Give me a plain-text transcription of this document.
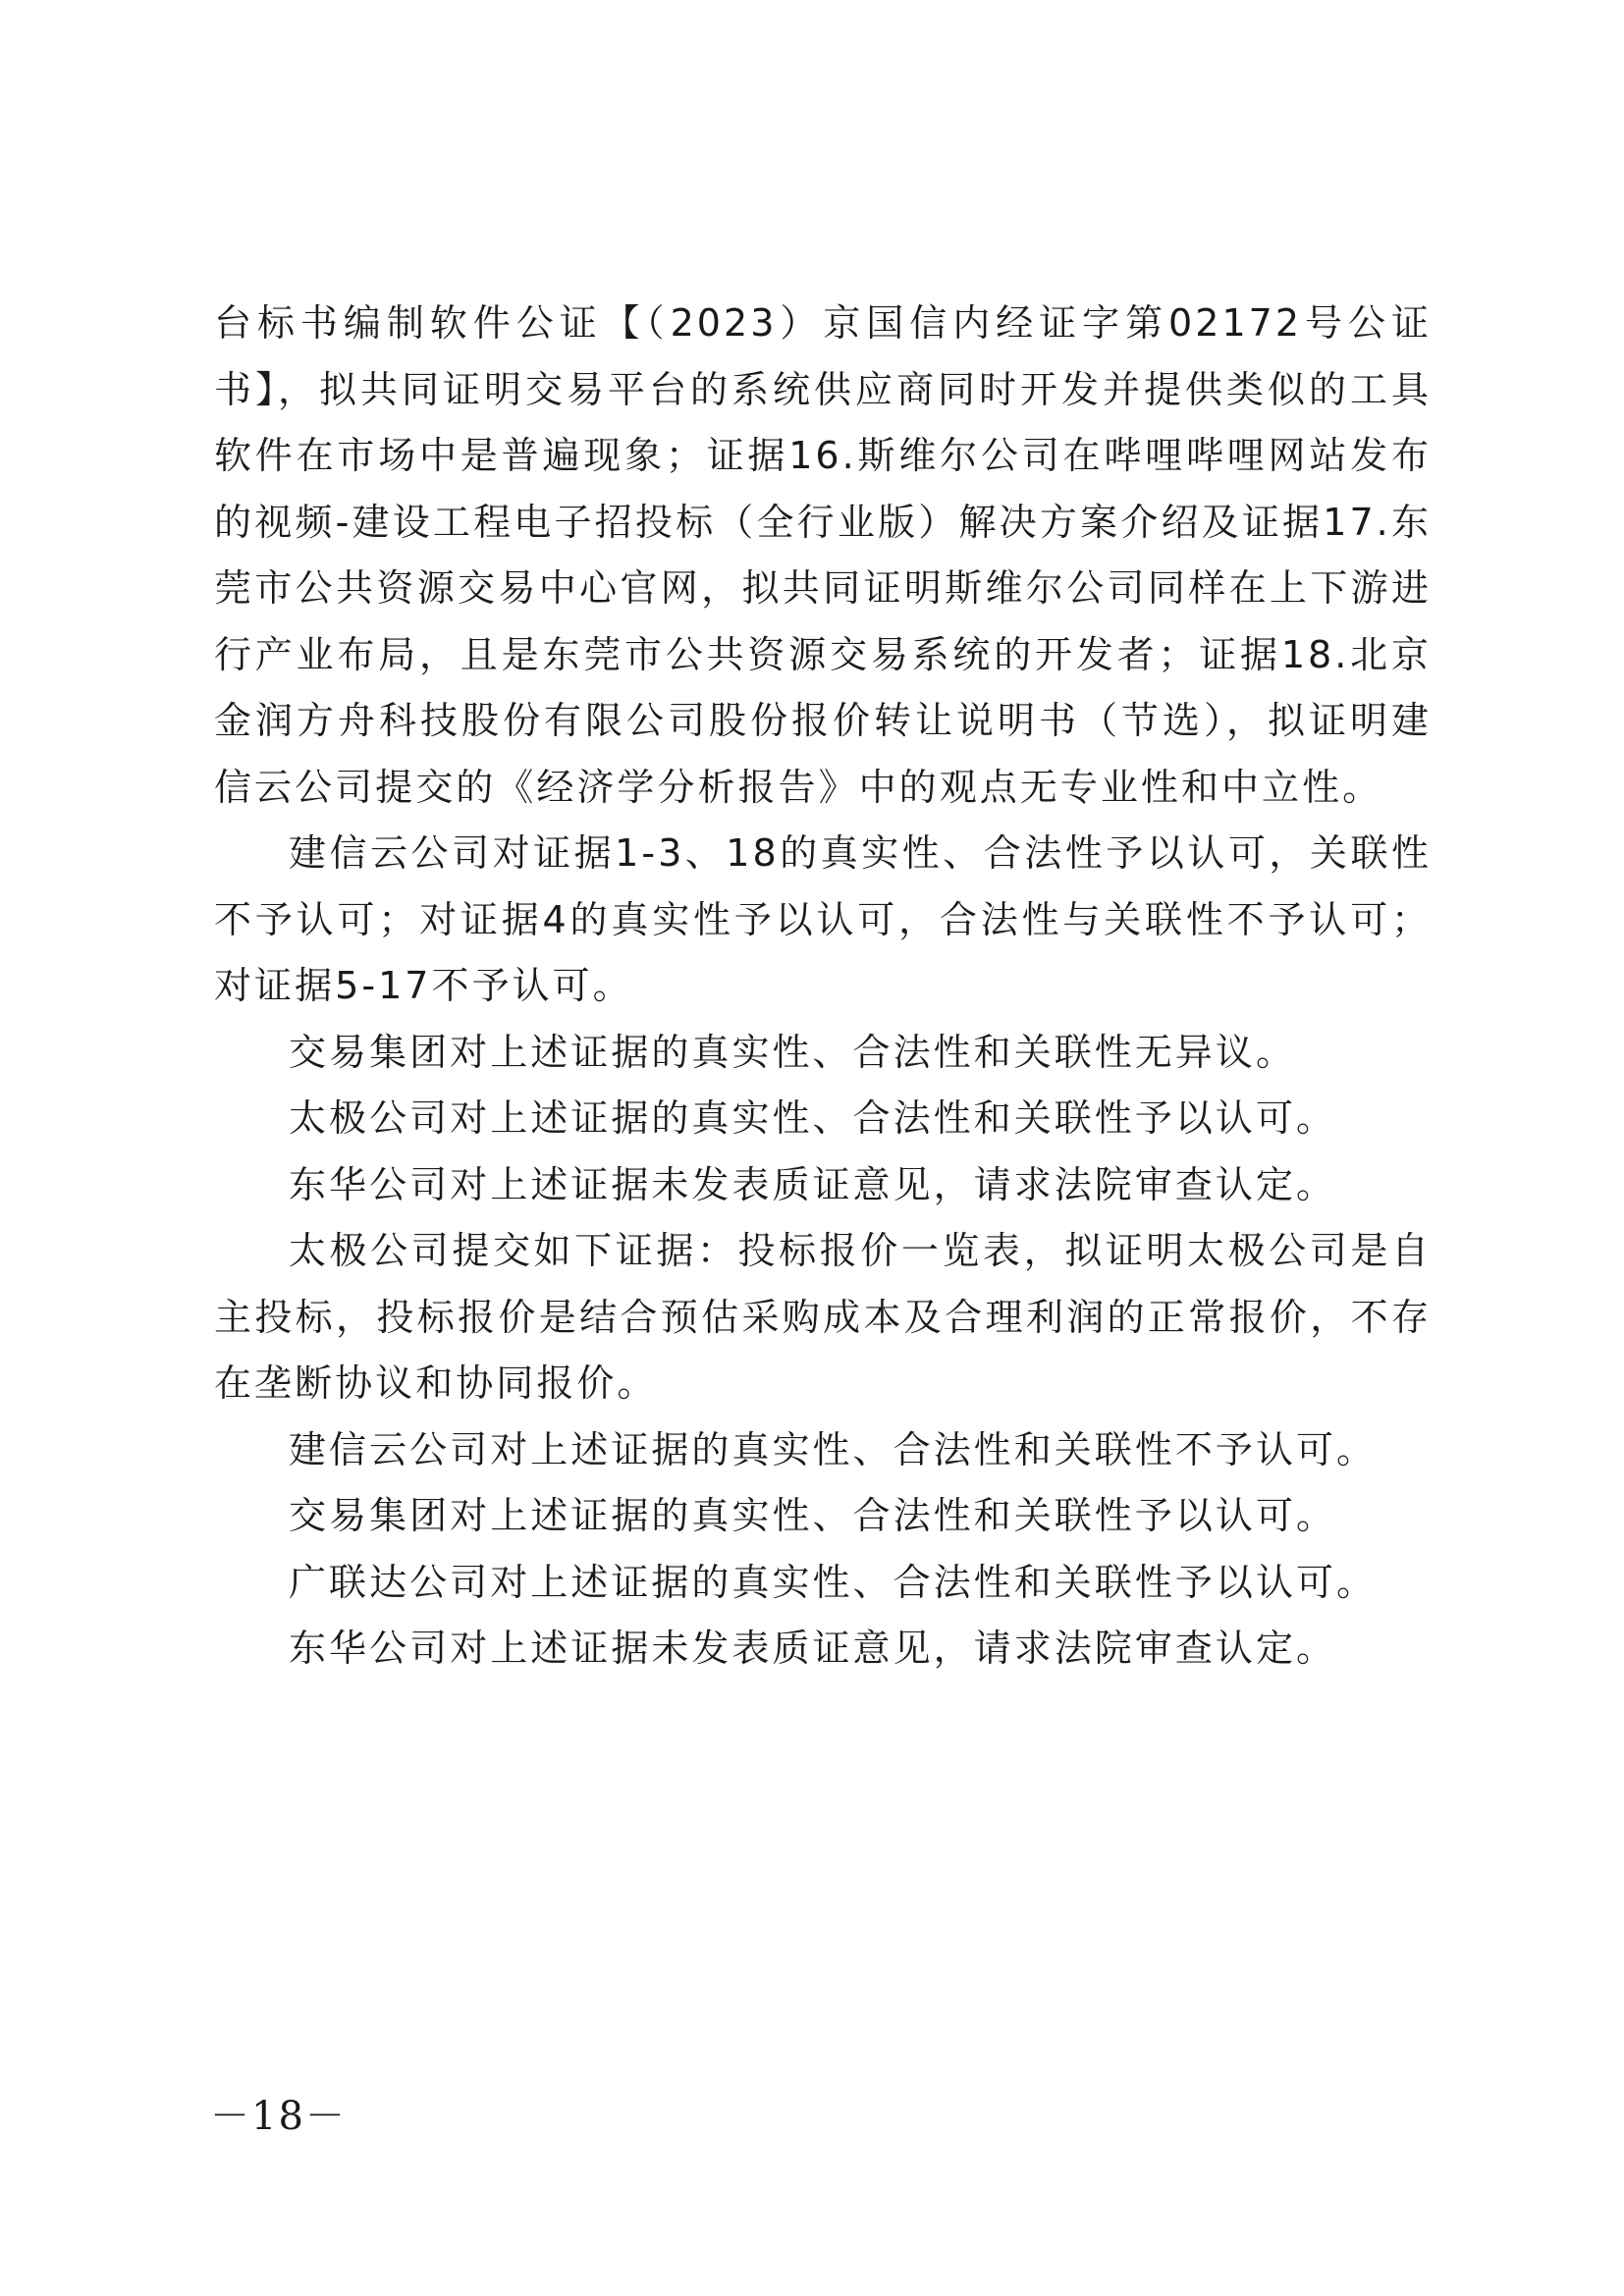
台标书编制软件公证【（2023）京国信内经证字第02172号公证书】，拟共同证明交易平台的系统供应商同时开发并提供类似的工具软件在市场中是普遍现象；证据16.斯维尔公司在哔哩哔哩网站发布的视频-建设工程电子招投标（全行业版）解决方案介绍及证据17.东莞市公共资源交易中心官网，拟共同证明斯维尔公司同样在上下游进行产业布局，且是东莞市公共资源交易系统的开发者；证据18.北京金润方舟科技股份有限公司股份报价转让说明书（节选），拟证明建信云公司提交的《经济学分析报告》中的观点无专业性和中立性。

建信云公司对证据1-3、18的真实性、合法性予以认可，关联性不予认可；对证据4的真实性予以认可，合法性与关联性不予认可；对证据5-17不予认可。

交易集团对上述证据的真实性、合法性和关联性无异议。

太极公司对上述证据的真实性、合法性和关联性予以认可。

东华公司对上述证据未发表质证意见，请求法院审查认定。

太极公司提交如下证据：投标报价一览表，拟证明太极公司是自主投标，投标报价是结合预估采购成本及合理利润的正常报价，不存在垄断协议和协同报价。

建信云公司对上述证据的真实性、合法性和关联性不予认可。

交易集团对上述证据的真实性、合法性和关联性予以认可。

广联达公司对上述证据的真实性、合法性和关联性予以认可。

东华公司对上述证据未发表质证意见，请求法院审查认定。

－18－
